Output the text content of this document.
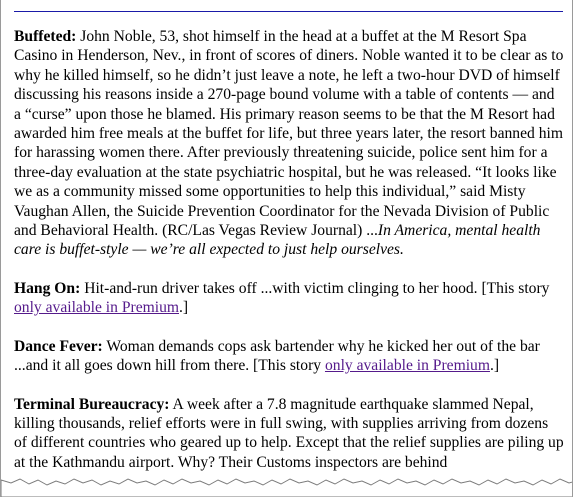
Buffeted: John Noble, 53, shot himself in the head at a buffet at the M Resort Spa Casino in Henderson, Nev., in front of scores of diners. Noble wanted it to be clear as to why he killed himself, so he didn’t just leave a note, he left a two-hour DVD of himself discussing his reasons inside a 270-page bound volume with a table of contents — and a “curse” upon those he blamed. His primary reason seems to be that the M Resort had awarded him free meals at the buffet for life, but three years later, the resort banned him for harassing women there. After previously threatening suicide, police sent him for a three-day evaluation at the state psychiatric hospital, but he was released. “It looks like we as a community missed some opportunities to help this individual,” said Misty Vaughan Allen, the Suicide Prevention Coordinator for the Nevada Division of Public and Behavioral Health. (RC/Las Vegas Review Journal) ...In America, mental health care is buffet-style — we’re all expected to just help ourselves.

Hang On: Hit-and-run driver takes off ...with victim clinging to her hood. [This story only available in Premium.]

Dance Fever: Woman demands cops ask bartender why he kicked her out of the bar ...and it all goes down hill from there. [This story only available in Premium.]

Terminal Bureaucracy: A week after a 7.8 magnitude earthquake slammed Nepal, killing thousands, relief efforts were in full swing, with supplies arriving from dozens of different countries who geared up to help. Except that the relief supplies are piling up at the Kathmandu airport. Why? Their Customs inspectors are behind
